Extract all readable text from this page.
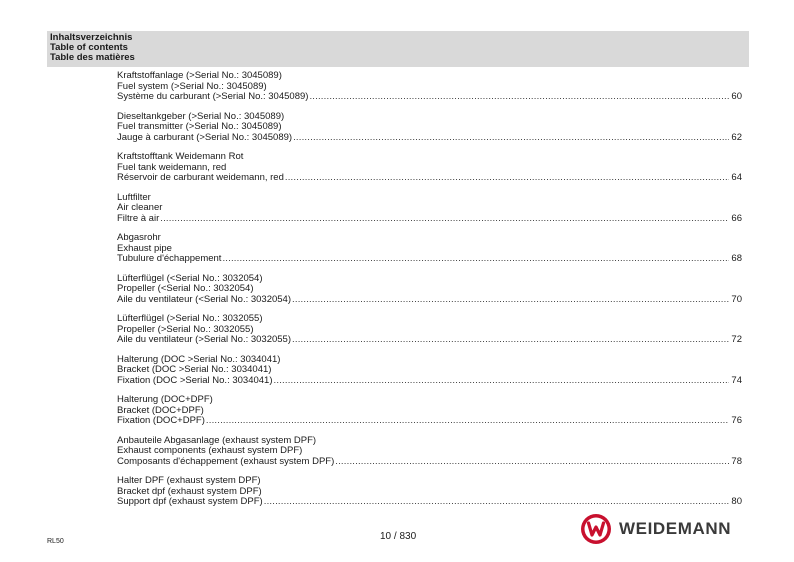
Inhaltsverzeichnis
Table of contents
Table des matières
Kraftstoffanlage (>Serial No.: 3045089)
Fuel system (>Serial No.: 3045089)
Système du carburant (>Serial No.: 3045089) .....	60
Dieseltankgeber (>Serial No.: 3045089)
Fuel transmitter (>Serial No.: 3045089)
Jauge à carburant (>Serial No.: 3045089) .....	62
Kraftstofftank Weidemann Rot
Fuel tank weidemann, red
Réservoir de carburant weidemann, red .....	64
Luftfilter
Air cleaner
Filtre à air .....	66
Abgasrohr
Exhaust pipe
Tubulure d'échappement .....	68
Lüfterflügel (<Serial No.: 3032054)
Propeller (<Serial No.: 3032054)
Aile du ventilateur (<Serial No.: 3032054) .....	70
Lüfterflügel (>Serial No.: 3032055)
Propeller (>Serial No.: 3032055)
Aile du ventilateur (>Serial No.: 3032055) .....	72
Halterung (DOC >Serial No.: 3034041)
Bracket (DOC >Serial No.: 3034041)
Fixation (DOC >Serial No.: 3034041) .....	74
Halterung (DOC+DPF)
Bracket (DOC+DPF)
Fixation (DOC+DPF) .....	76
Anbauteile Abgasanlage (exhaust system DPF)
Exhaust components (exhaust system DPF)
Composants d'échappement (exhaust system DPF) .....	78
Halter DPF (exhaust system DPF)
Bracket dpf (exhaust system DPF)
Support dpf (exhaust system DPF) .....	80
RL50	10 / 830	WEIDEMANN
